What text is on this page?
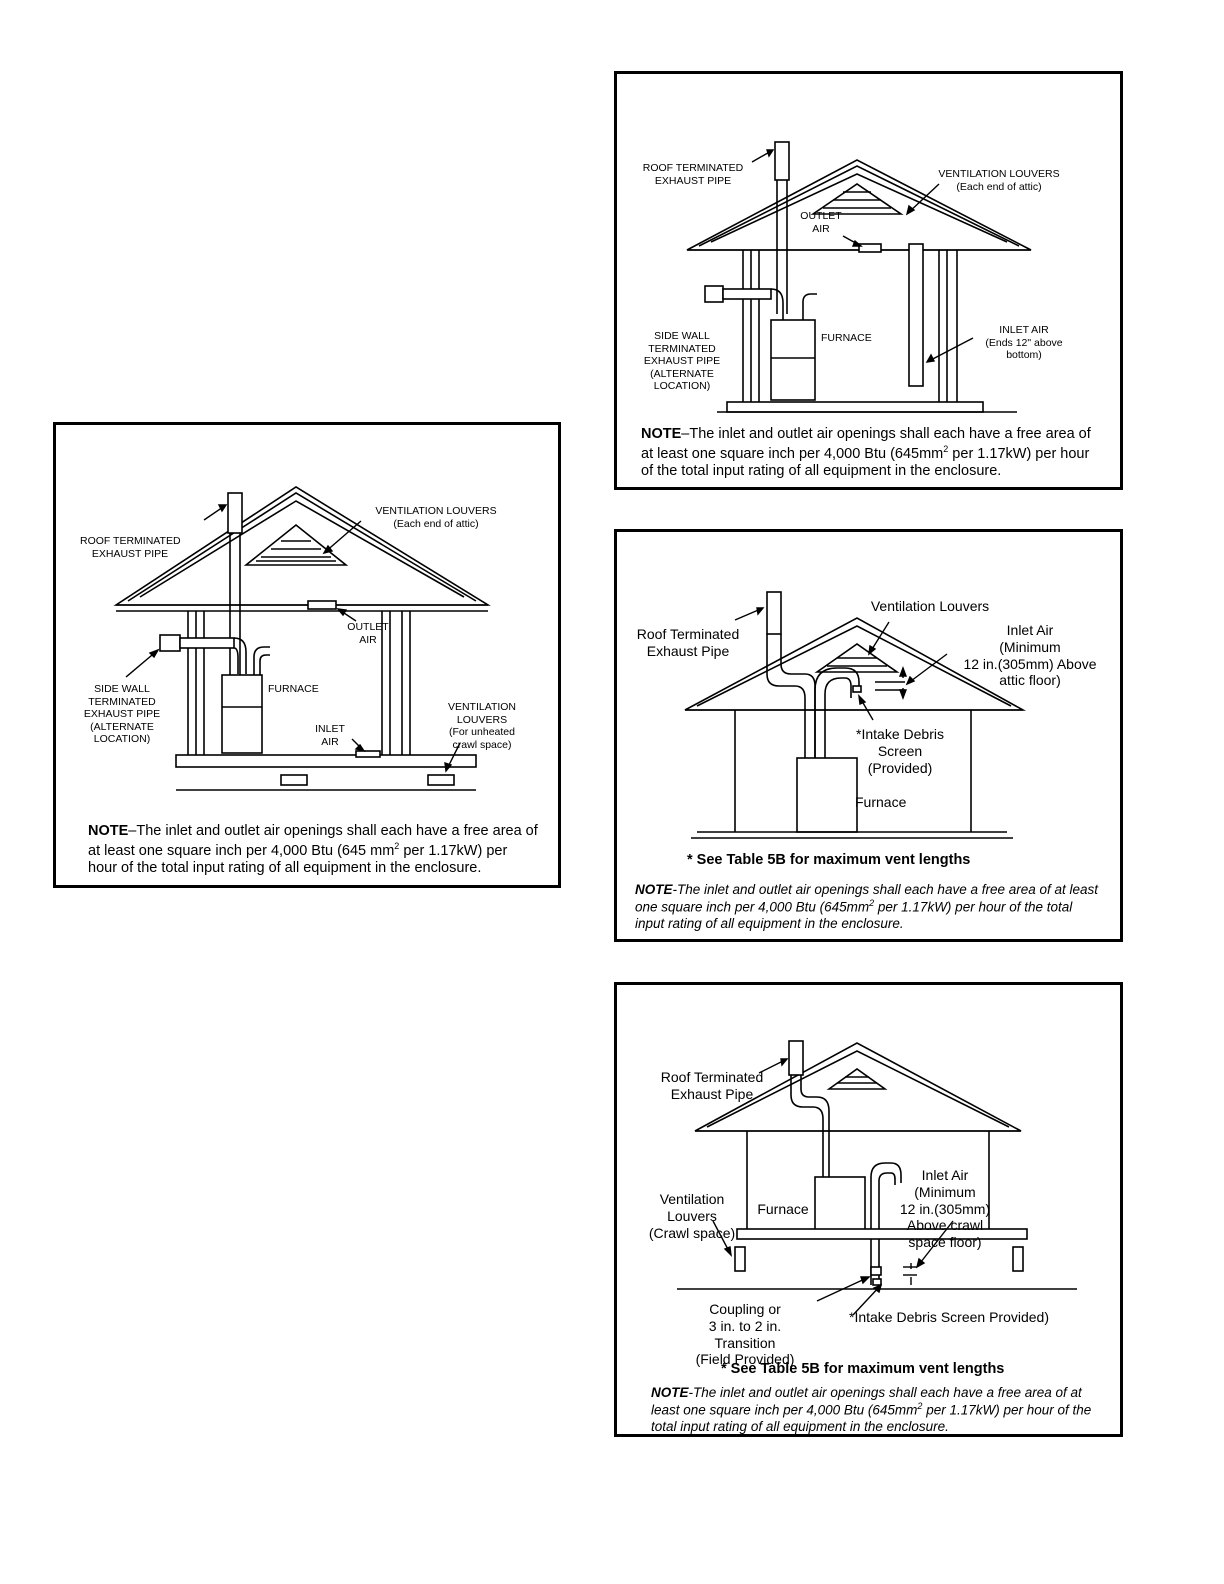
ROOF TERMINATED
EXHAUST PIPE
VENTILATION LOUVERS
(Each end of attic)
OUTLET
AIR
SIDE WALL
TERMINATED
EXHAUST PIPE
(ALTERNATE
LOCATION)
FURNACE
INLET
AIR
VENTILATION
LOUVERS
(For unheated
crawl space)
NOTE–The inlet and outlet air openings shall each have a free area of at least one square inch per 4,000 Btu (645 $mm^2$ per 1.17kW) per hour of the total input rating of all equipment in the enclosure.
ROOF TERMINATED
EXHAUST PIPE
VENTILATION LOUVERS
(Each end of attic)
OUTLET
AIR
SIDE WALL
TERMINATED
EXHAUST PIPE
(ALTERNATE
LOCATION)
FURNACE
INLET AIR
(Ends 12" above
bottom)
NOTE–The inlet and outlet air openings shall each have a free area of at least one square inch per 4,000 Btu ($645mm^2$ per 1.17kW) per hour of the total input rating of all equipment in the enclosure.
Roof Terminated
Exhaust Pipe
Ventilation Louvers
Inlet Air
(Minimum
12 in.(305mm) Above
attic floor)
*Intake Debris
Screen
(Provided)
Furnace
* See Table 5B for maximum vent lengths
NOTE-The inlet and outlet air openings shall each have a free area of at least one square inch per 4,000 Btu ($645mm^2$ per 1.17kW) per hour of the total input rating of all equipment in the enclosure.
Roof Terminated
Exhaust Pipe
Ventilation
Louvers
(Crawl space)
Furnace
Inlet Air
(Minimum
12 in.(305mm)
Above crawl
space floor)
Coupling or
3 in. to 2 in.
Transition
(Field Provided)
*Intake Debris Screen Provided)
* See Table 5B for maximum vent lengths
NOTE-The inlet and outlet air openings shall each have a free area of at least one square inch per 4,000 Btu ($645mm^2$ per 1.17kW) per hour of the total input rating of all equipment in the enclosure.
